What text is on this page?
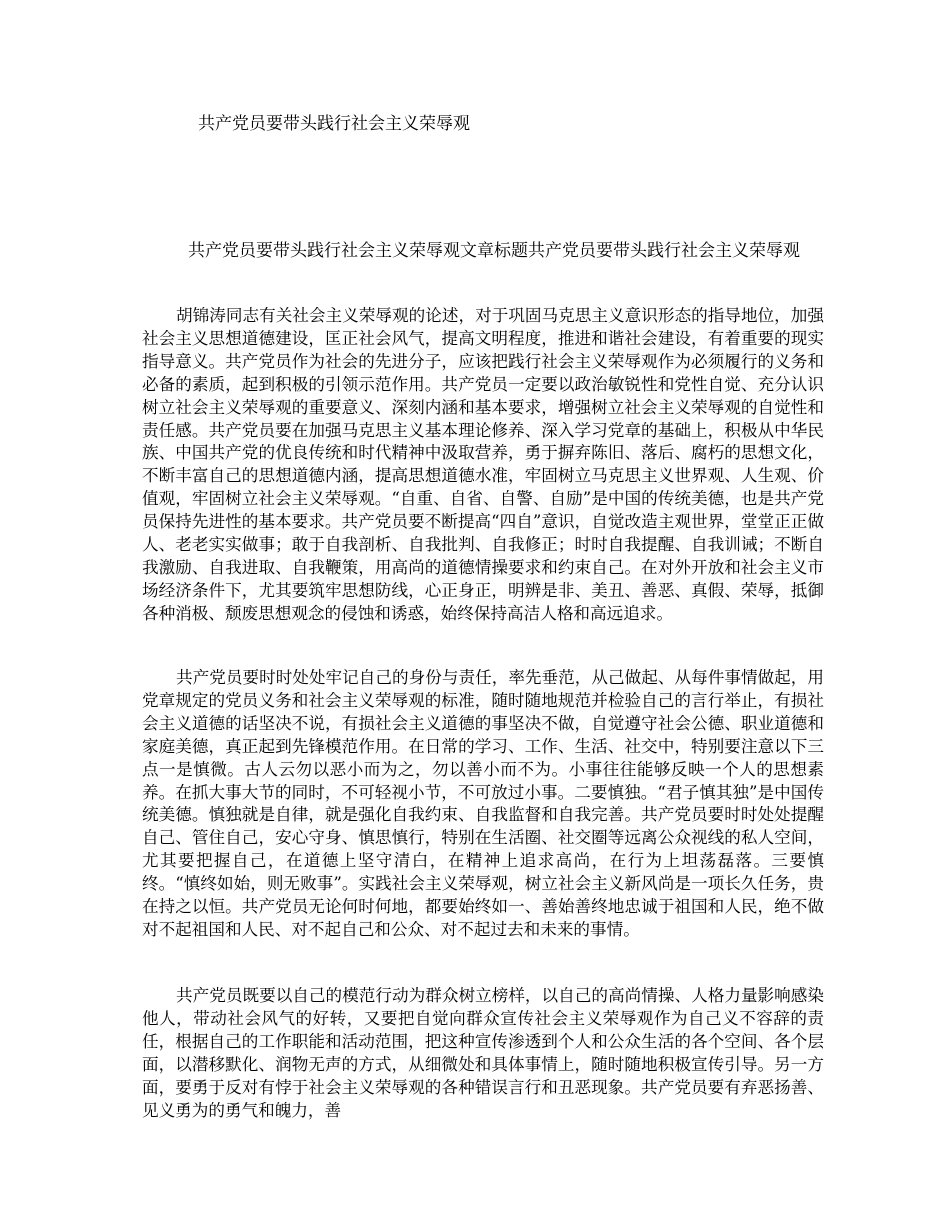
共产党员要带头践行社会主义荣辱观

共产党员要带头践行社会主义荣辱观文章标题共产党员要带头践行社会主义荣辱观

胡锦涛同志有关社会主义荣辱观的论述，对于巩固马克思主义意识形态的指导地位，加强社会主义思想道德建设，匡正社会风气，提高文明程度，推进和谐社会建设，有着重要的现实指导意义。共产党员作为社会的先进分子，应该把践行社会主义荣辱观作为必须履行的义务和必备的素质，起到积极的引领示范作用。共产党员一定要以政治敏锐性和党性自觉、充分认识树立社会主义荣辱观的重要意义、深刻内涵和基本要求，增强树立社会主义荣辱观的自觉性和责任感。共产党员要在加强马克思主义基本理论修养、深入学习党章的基础上，积极从中华民族、中国共产党的优良传统和时代精神中汲取营养，勇于摒弃陈旧、落后、腐朽的思想文化，不断丰富自己的思想道德内涵，提高思想道德水准，牢固树立马克思主义世界观、人生观、价值观，牢固树立社会主义荣辱观。“自重、自省、自警、自励”是中国的传统美德，也是共产党员保持先进性的基本要求。共产党员要不断提高“四自”意识，自觉改造主观世界，堂堂正正做人、老老实实做事；敢于自我剖析、自我批判、自我修正；时时自我提醒、自我训诫；不断自我激励、自我进取、自我鞭策，用高尚的道德情操要求和约束自己。在对外开放和社会主义市场经济条件下，尤其要筑牢思想防线，心正身正，明辨是非、美丑、善恶、真假、荣辱，抵御各种消极、颓废思想观念的侵蚀和诱惑，始终保持高洁人格和高远追求。

共产党员要时时处处牢记自己的身份与责任，率先垂范，从己做起、从每件事情做起，用党章规定的党员义务和社会主义荣辱观的标准，随时随地规范并检验自己的言行举止，有损社会主义道德的话坚决不说，有损社会主义道德的事坚决不做，自觉遵守社会公德、职业道德和家庭美德，真正起到先锋模范作用。在日常的学习、工作、生活、社交中，特别要注意以下三点一是慎微。古人云勿以恶小而为之，勿以善小而不为。小事往往能够反映一个人的思想素养。在抓大事大节的同时，不可轻视小节，不可放过小事。二要慎独。“君子慎其独”是中国传统美德。慎独就是自律，就是强化自我约束、自我监督和自我完善。共产党员要时时处处提醒自己、管住自己，安心守身、慎思慎行，特别在生活圈、社交圈等远离公众视线的私人空间，尤其要把握自己，在道德上坚守清白，在精神上追求高尚，在行为上坦荡磊落。三要慎终。“慎终如始，则无败事”。实践社会主义荣辱观，树立社会主义新风尚是一项长久任务，贵在持之以恒。共产党员无论何时何地，都要始终如一、善始善终地忠诚于祖国和人民，绝不做对不起祖国和人民、对不起自己和公众、对不起过去和未来的事情。

共产党员既要以自己的模范行动为群众树立榜样，以自己的高尚情操、人格力量影响感染他人，带动社会风气的好转，又要把自觉向群众宣传社会主义荣辱观作为自己义不容辞的责任，根据自己的工作职能和活动范围，把这种宣传渗透到个人和公众生活的各个空间、各个层面，以潜移默化、润物无声的方式，从细微处和具体事情上，随时随地积极宣传引导。另一方面，要勇于反对有悖于社会主义荣辱观的各种错误言行和丑恶现象。共产党员要有弃恶扬善、见义勇为的勇气和魄力，善
